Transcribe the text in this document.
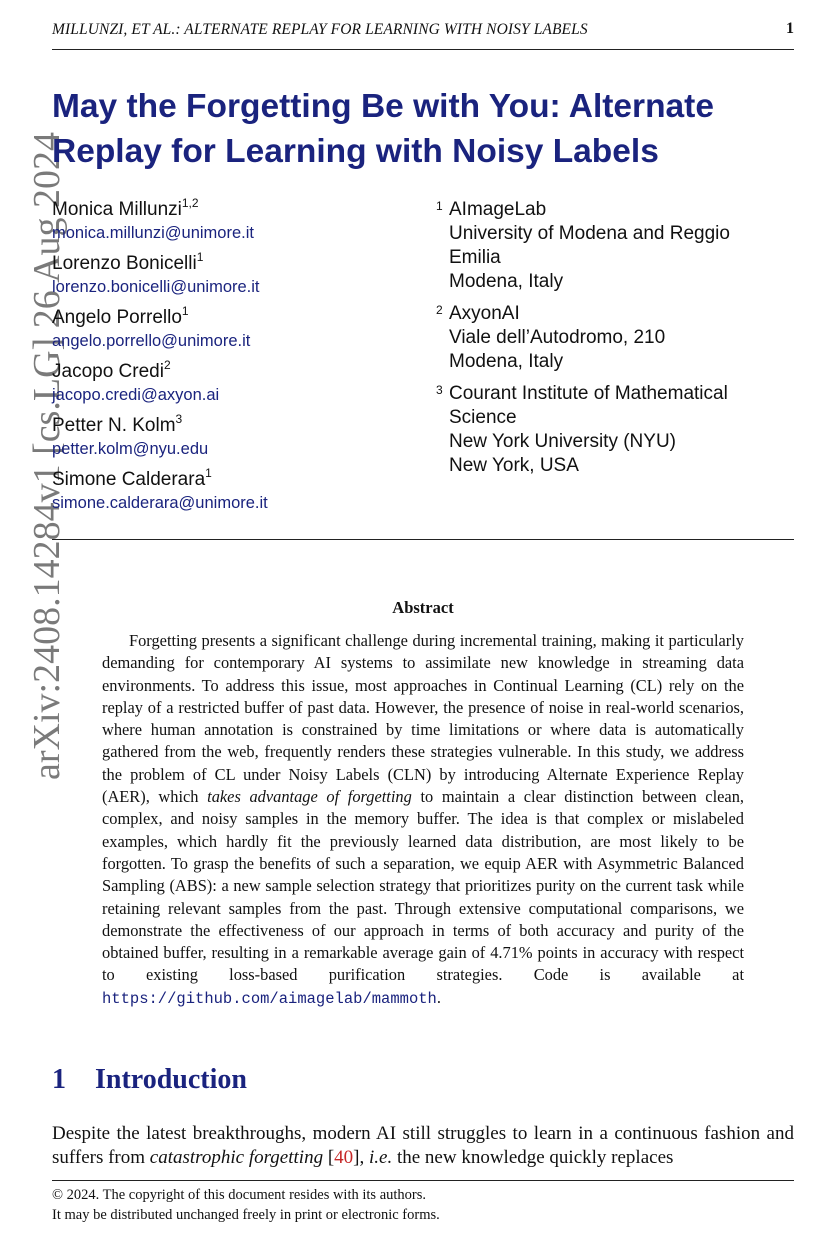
MILLUNZI, ET AL.: ALTERNATE REPLAY FOR LEARNING WITH NOISY LABELS	1
arXiv:2408.14284v1 [cs.LG] 26 Aug 2024
May the Forgetting Be with You: Alternate
Replay for Learning with Noisy Labels
Monica Millunzi$^{1,2}$
monica.millunzi@unimore.it
Lorenzo Bonicelli$^1$
lorenzo.bonicelli@unimore.it
Angelo Porrello$^1$
angelo.porrello@unimore.it
Jacopo Credi$^2$
jacopo.credi@axyon.ai
Petter N. Kolm$^3$
petter.kolm@nyu.edu
Simone Calderara$^1$
simone.calderara@unimore.it
1 AImageLab
University of Modena and Reggio
Emilia
Modena, Italy
2 AxyonAI
Viale dell’Autodromo, 210
Modena, Italy
3 Courant Institute of Mathematical
Science
New York University (NYU)
New York, USA
Abstract

Forgetting presents a significant challenge during incremental training, making it particularly demanding for contemporary AI systems to assimilate new knowledge in streaming data environments. To address this issue, most approaches in Continual Learning (CL) rely on the replay of a restricted buffer of past data. However, the presence of noise in real-world scenarios, where human annotation is constrained by time limitations or where data is automatically gathered from the web, frequently renders these strategies vulnerable. In this study, we address the problem of CL under Noisy Labels (CLN) by introducing Alternate Experience Replay (AER), which takes advantage of forgetting to maintain a clear distinction between clean, complex, and noisy samples in the memory buffer. The idea is that complex or mislabeled examples, which hardly fit the previously learned data distribution, are most likely to be forgotten. To grasp the benefits of such a separation, we equip AER with Asymmetric Balanced Sampling (ABS): a new sample selection strategy that prioritizes purity on the current task while retaining relevant samples from the past. Through extensive computational comparisons, we demonstrate the effectiveness of our approach in terms of both accuracy and purity of the obtained buffer, resulting in a remarkable average gain of 4.71% points in accuracy with respect to existing loss-based purification strategies. Code is available at https://github.com/aimagelab/mammoth.

1 Introduction
Despite the latest breakthroughs, modern AI still struggles to learn in a continuous fashion and suffers from catastrophic forgetting [40], i.e. the new knowledge quickly replaces
© 2024. The copyright of this document resides with its authors.
It may be distributed unchanged freely in print or electronic forms.
